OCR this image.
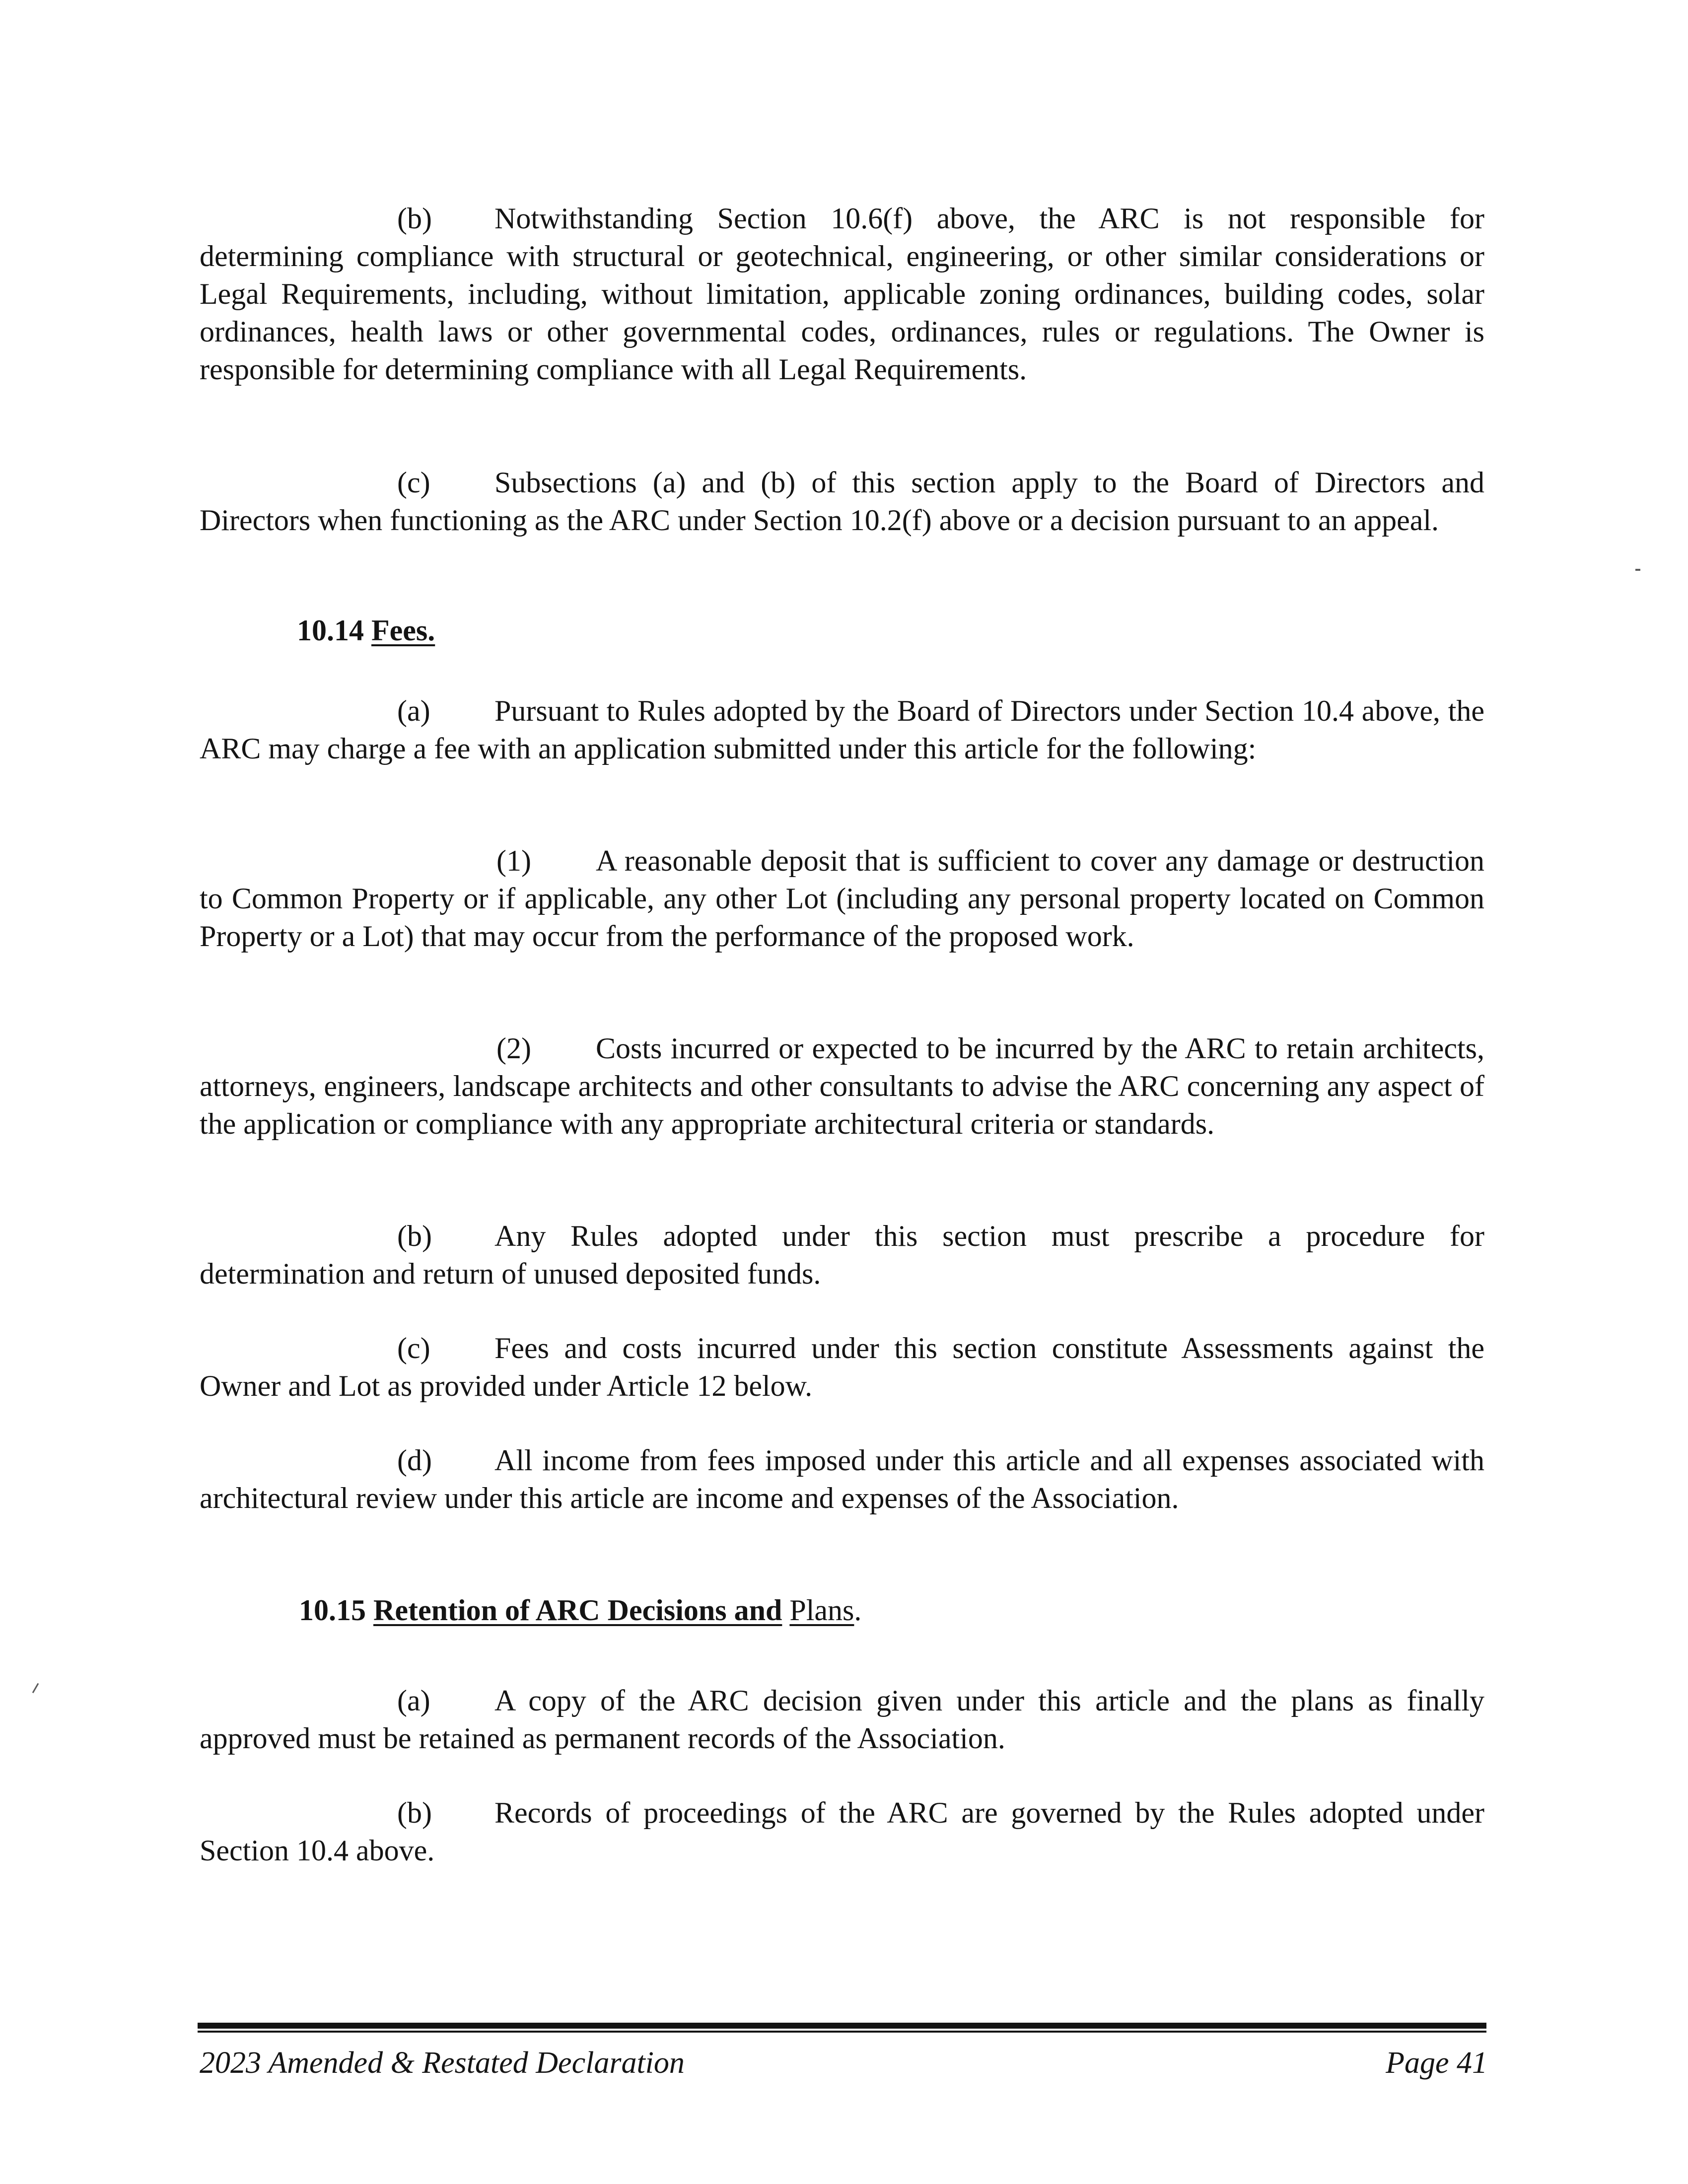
(b) Notwithstanding Section 10.6(f) above, the ARC is not responsible for determining compliance with structural or geotechnical, engineering, or other similar considerations or Legal Requirements, including, without limitation, applicable zoning ordinances, building codes, solar ordinances, health laws or other governmental codes, ordinances, rules or regulations. The Owner is responsible for determining compliance with all Legal Requirements.
(c) Subsections (a) and (b) of this section apply to the Board of Directors and Directors when functioning as the ARC under Section 10.2(f) above or a decision pursuant to an appeal.
10.14 Fees.
(a) Pursuant to Rules adopted by the Board of Directors under Section 10.4 above, the ARC may charge a fee with an application submitted under this article for the following:
(1) A reasonable deposit that is sufficient to cover any damage or destruction to Common Property or if applicable, any other Lot (including any personal property located on Common Property or a Lot) that may occur from the performance of the proposed work.
(2) Costs incurred or expected to be incurred by the ARC to retain architects, attorneys, engineers, landscape architects and other consultants to advise the ARC concerning any aspect of the application or compliance with any appropriate architectural criteria or standards.
(b) Any Rules adopted under this section must prescribe a procedure for determination and return of unused deposited funds.
(c) Fees and costs incurred under this section constitute Assessments against the Owner and Lot as provided under Article 12 below.
(d) All income from fees imposed under this article and all expenses associated with architectural review under this article are income and expenses of the Association.
10.15 Retention of ARC Decisions and Plans.
(a) A copy of the ARC decision given under this article and the plans as finally approved must be retained as permanent records of the Association.
(b) Records of proceedings of the ARC are governed by the Rules adopted under Section 10.4 above.
2023 Amended & Restated Declaration	Page 41
